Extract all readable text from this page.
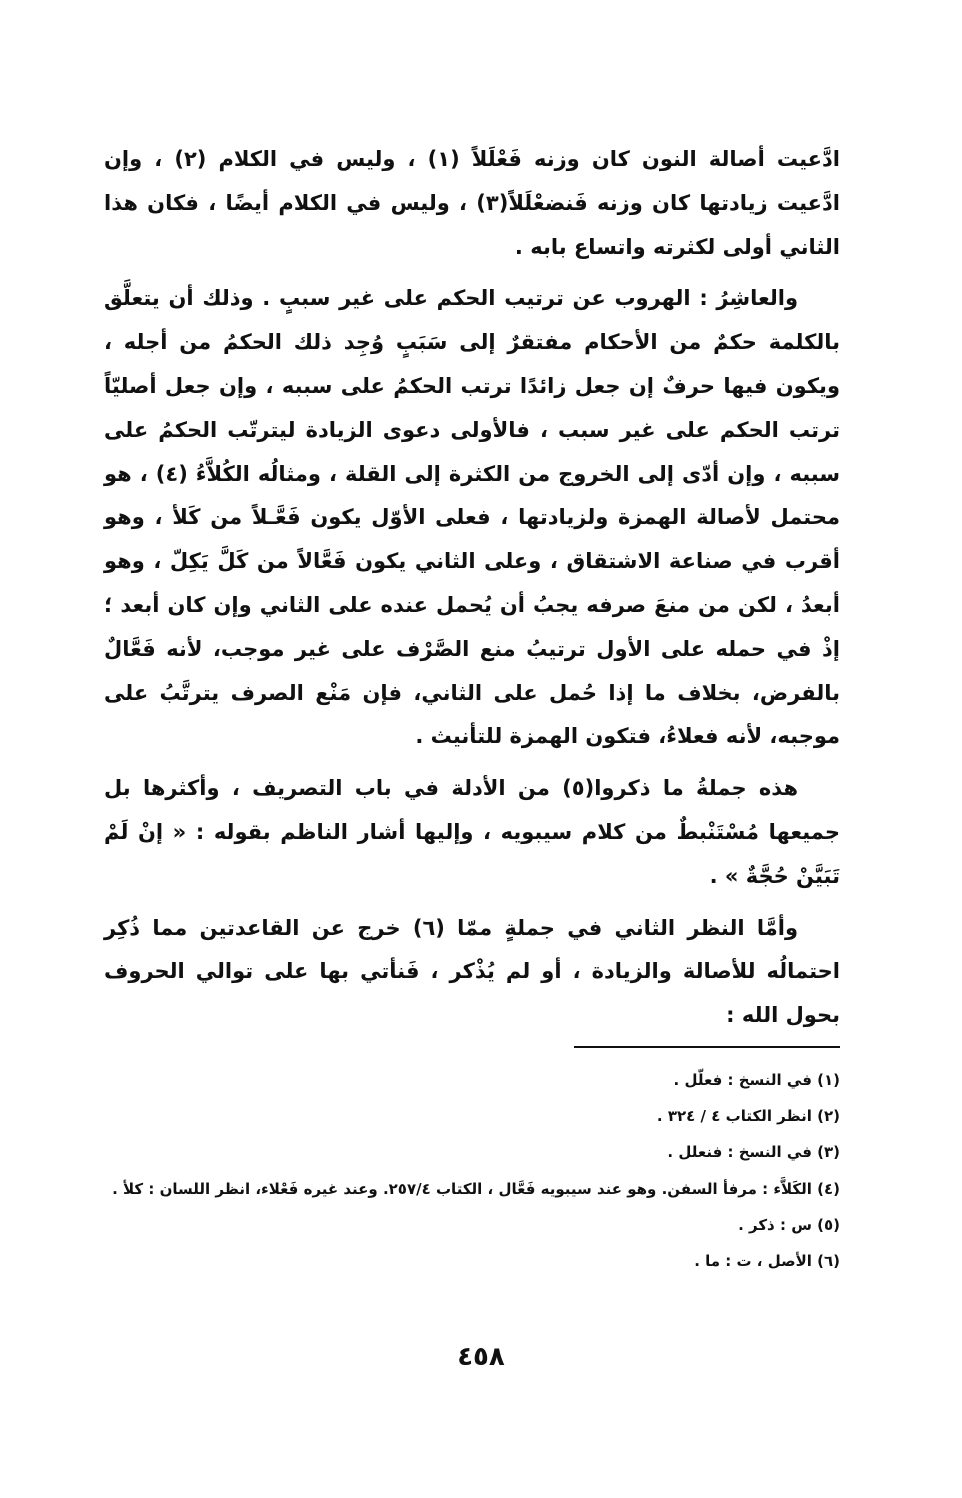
ادَّعيت أصالة النون كان وزنه فَعْلَلاً (١) ، وليس في الكلام (٢) ، وإن ادَّعيت زيادتها كان وزنه فَنضعْلَلاً(٣) ، وليس في الكلام أيضًا ، فكان هذا الثاني أولى لكثرته واتساع بابه .

والعاشِرُ : الهروب عن ترتيب الحكم على غير سببٍ . وذلك أن يتعلَّق بالكلمة حكمٌ من الأحكام مفتقرٌ إلى سَبَبٍ وُجِد ذلك الحكمُ من أجله ، ويكون فيها حرفٌ إن جعل زائدًا ترتب الحكمُ على سببه ، وإن جعل أصليّاً ترتب الحكم على غير سبب ، فالأولى دعوى الزيادة ليترتّب الحكمُ على سببه ، وإن أدّى إلى الخروج من الكثرة إلى القلة ، ومثالُه الكُلاَّءُ (٤) ، هو محتمل لأصالة الهمزة ولزيادتها ، فعلى الأوّل يكون فَعَّـلاً من كَلأ ، وهو أقرب في صناعة الاشتقاق ، وعلى الثاني يكون فَعَّالاً من كَلَّ يَكِلّ ، وهو أبعدُ ، لكن من منعَ صرفه يجبُ أن يُحمل عنده على الثاني وإن كان أبعد ؛ إذْ في حمله على الأول ترتيبُ منع الصَّرْف على غير موجب، لأنه فَعَّالٌ بالفرض، بخلاف ما إذا حُمل على الثاني، فإن مَنْع الصرف يترتَّبُ على موجبه، لأنه فعلاءُ، فتكون الهمزة للتأنيث .

هذه جملةُ ما ذكروا(٥) من الأدلة في باب التصريف ، وأكثرها بل جميعها مُسْتَنْبطٌ من كلام سيبويه ، وإليها أشار الناظم بقوله : « إنْ لَمْ تَبَيَّنْ حُجَّةٌ » .

وأمَّا النظر الثاني في جملةٍ ممّا (٦) خرج عن القاعدتين مما ذُكِر احتمالُه للأصالة والزيادة ، أو لم يُذْكر ، فَنأتي بها على توالي الحروف بحول الله :

(١) في النسخ : فعلّل .
(٢) انظر الكتاب ٤ / ٣٢٤ .
(٣) في النسخ : فنعلل .
(٤) الكَلاَّء : مرفأ السفن. وهو عند سيبويه فَعَّال ، الكتاب ٢٥٧/٤. وعند غيره فَعْلاء، انظر اللسان : كلأ .
(٥) س : ذكر .
(٦) الأصل ، ت : ما .
٤٥٨
